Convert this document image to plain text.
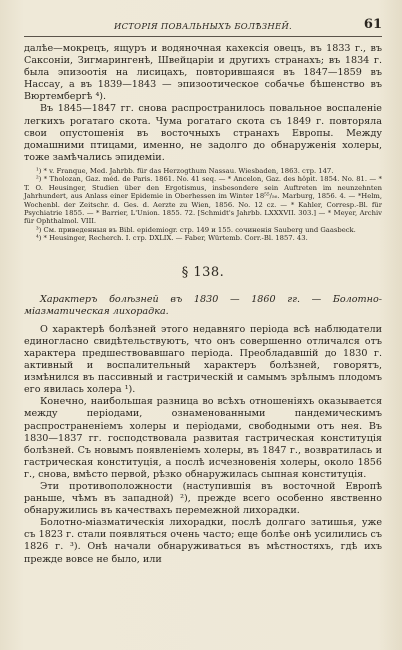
ИСТОРІЯ ПОВАЛЬНЫХЪ БОЛѢЗНЕЙ.	61

далѣе—мокрецъ, ящуръ и водяночная кахексія овецъ, въ 1833 г., въ Саксоніи, Зигмарингенѣ, Швейцаріи и другихъ странахъ; въ 1834 г. была эпизоотія на лисицахъ, повторившаяся въ 1847—1859 въ Нассау, а въ 1839—1843 — эпизоотическое собачье бѣшенство въ Вюртембергѣ ⁴).

Въ 1845—1847 гг. снова распространилось повальное воспаленіе легкихъ рогатаго скота. Чума рогатаго скота съ 1849 г. повторяла свои опустошенія въ восточныхъ странахъ Европы. Между домашними птицами, именно, не задолго до обнаруженія холеры, тоже замѣчались эпидеміи.

¹) * v. Franque, Med. Jahrbb. für das Herzogthum Nassau. Wiesbaden, 1863. стр. 147.

²) * Tholozan, Gaz. méd. de Paris. 1861. No. 41 seq. — * Ancelon, Gaz. des hôpit. 1854. No. 81. — * T. O. Heusinger, Studien über den Ergotismus, insbesondere sein Auftreten im neunzehnten Jahrhundert, aus Anlass einer Epidemie in Oberhessen im Winter 18⁵⁵/₅₆. Marburg, 1856. 4. — *Helm, Wochenbl. der Zeitschr. d. Ges. d. Aerzte zu Wien, 1856. No. 12 cz. — * Kahler, Corresp.-Bl. für Psychiatrie 1855. — * Barrier, L'Union. 1855. 72. [Schmidt's Jahrbb. LXXXVII. 303.] — * Meyer, Archiv für Ophthalmol. VIII.

³) См. приведенныя въ Bibl. epidemiogr. стр. 149 и 155. сочиненія Sauberg und Gaasbeck.

⁴) * Heusinger, Recherch. I. стр. DXLIX. — Faber, Würtemb. Corr.-Bl. 1857. 43.

§ 138.

Характеръ болѣзней въ 1830 — 1860 гг. — Болотно-міазматическая лихорадка.

О характерѣ болѣзней этого недавняго періода всѣ наблюдатели единогласно свидѣтельствуютъ, что онъ совершенно отличался отъ характера предшествовавшаго періода. Преобладавшій до 1830 г. активный и воспалительный характеръ болѣзней, говорятъ, измѣнился въ пассивный и гастрическій и самымъ зрѣлымъ плодомъ его явилась холера ¹).

Конечно, наибольшая разница во всѣхъ отношеніяхъ оказывается между періодами, ознаменованными пандемическимъ распространеніемъ холеры и періодами, свободными отъ нея. Въ 1830—1837 гг. господствовала развитая гастрическая конституція болѣзней. Съ новымъ появленіемъ холеры, въ 1847 г., возвратилась и гастрическая конституція, а послѣ исчезновенія холеры, около 1856 г., снова, вмѣсто первой, рѣзко обнаружилась сыпная конституція.

Эти противоположности (наступившія въ восточной Европѣ раньше, чѣмъ въ западной) ²), прежде всего особенно явственно обнаружились въ качествахъ перемежной лихорадки.

Болотно-міазматическія лихорадки, послѣ долгаго затишья, уже съ 1823 г. стали появляться очень часто; еще болѣе онѣ усилились съ 1826 г. ³). Онѣ начали обнаруживаться въ мѣстностяхъ, гдѣ ихъ прежде вовсе не было, или
